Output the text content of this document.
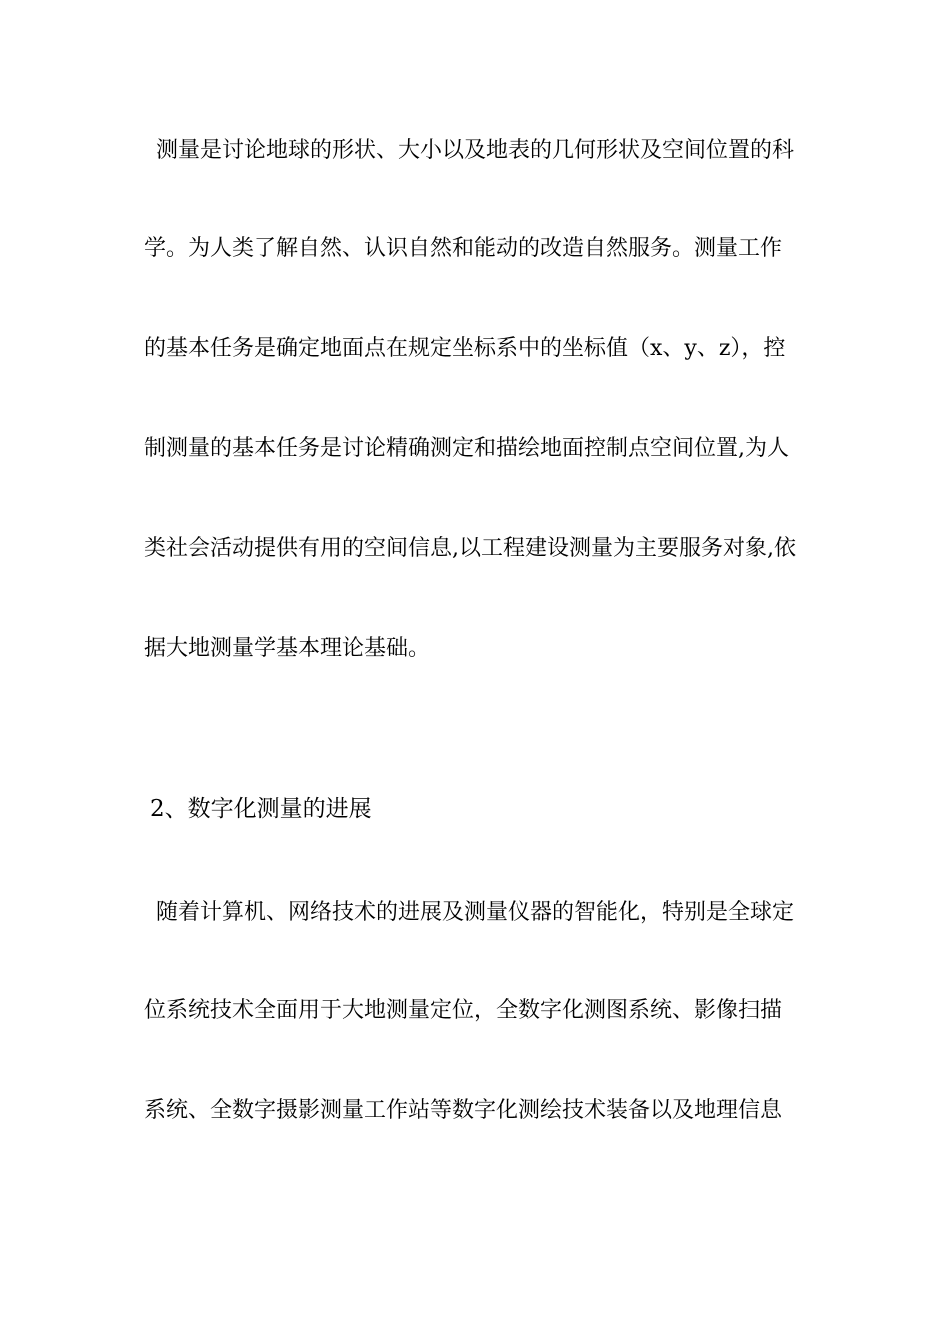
测量是讨论地球的形状、大小以及地表的几何形状及空间位置的科
学。为人类了解自然、认识自然和能动的改造自然服务。测量工作
的基本任务是确定地面点在规定坐标系中的坐标值（x、y、z），控
制测量的基本任务是讨论精确测定和描绘地面控制点空间位置,为人
类社会活动提供有用的空间信息,以工程建设测量为主要服务对象,依
据大地测量学基本理论基础。
2、数字化测量的进展
随着计算机、网络技术的进展及测量仪器的智能化，特别是全球定
位系统技术全面用于大地测量定位，全数字化测图系统、影像扫描
系统、全数字摄影测量工作站等数字化测绘技术装备以及地理信息
